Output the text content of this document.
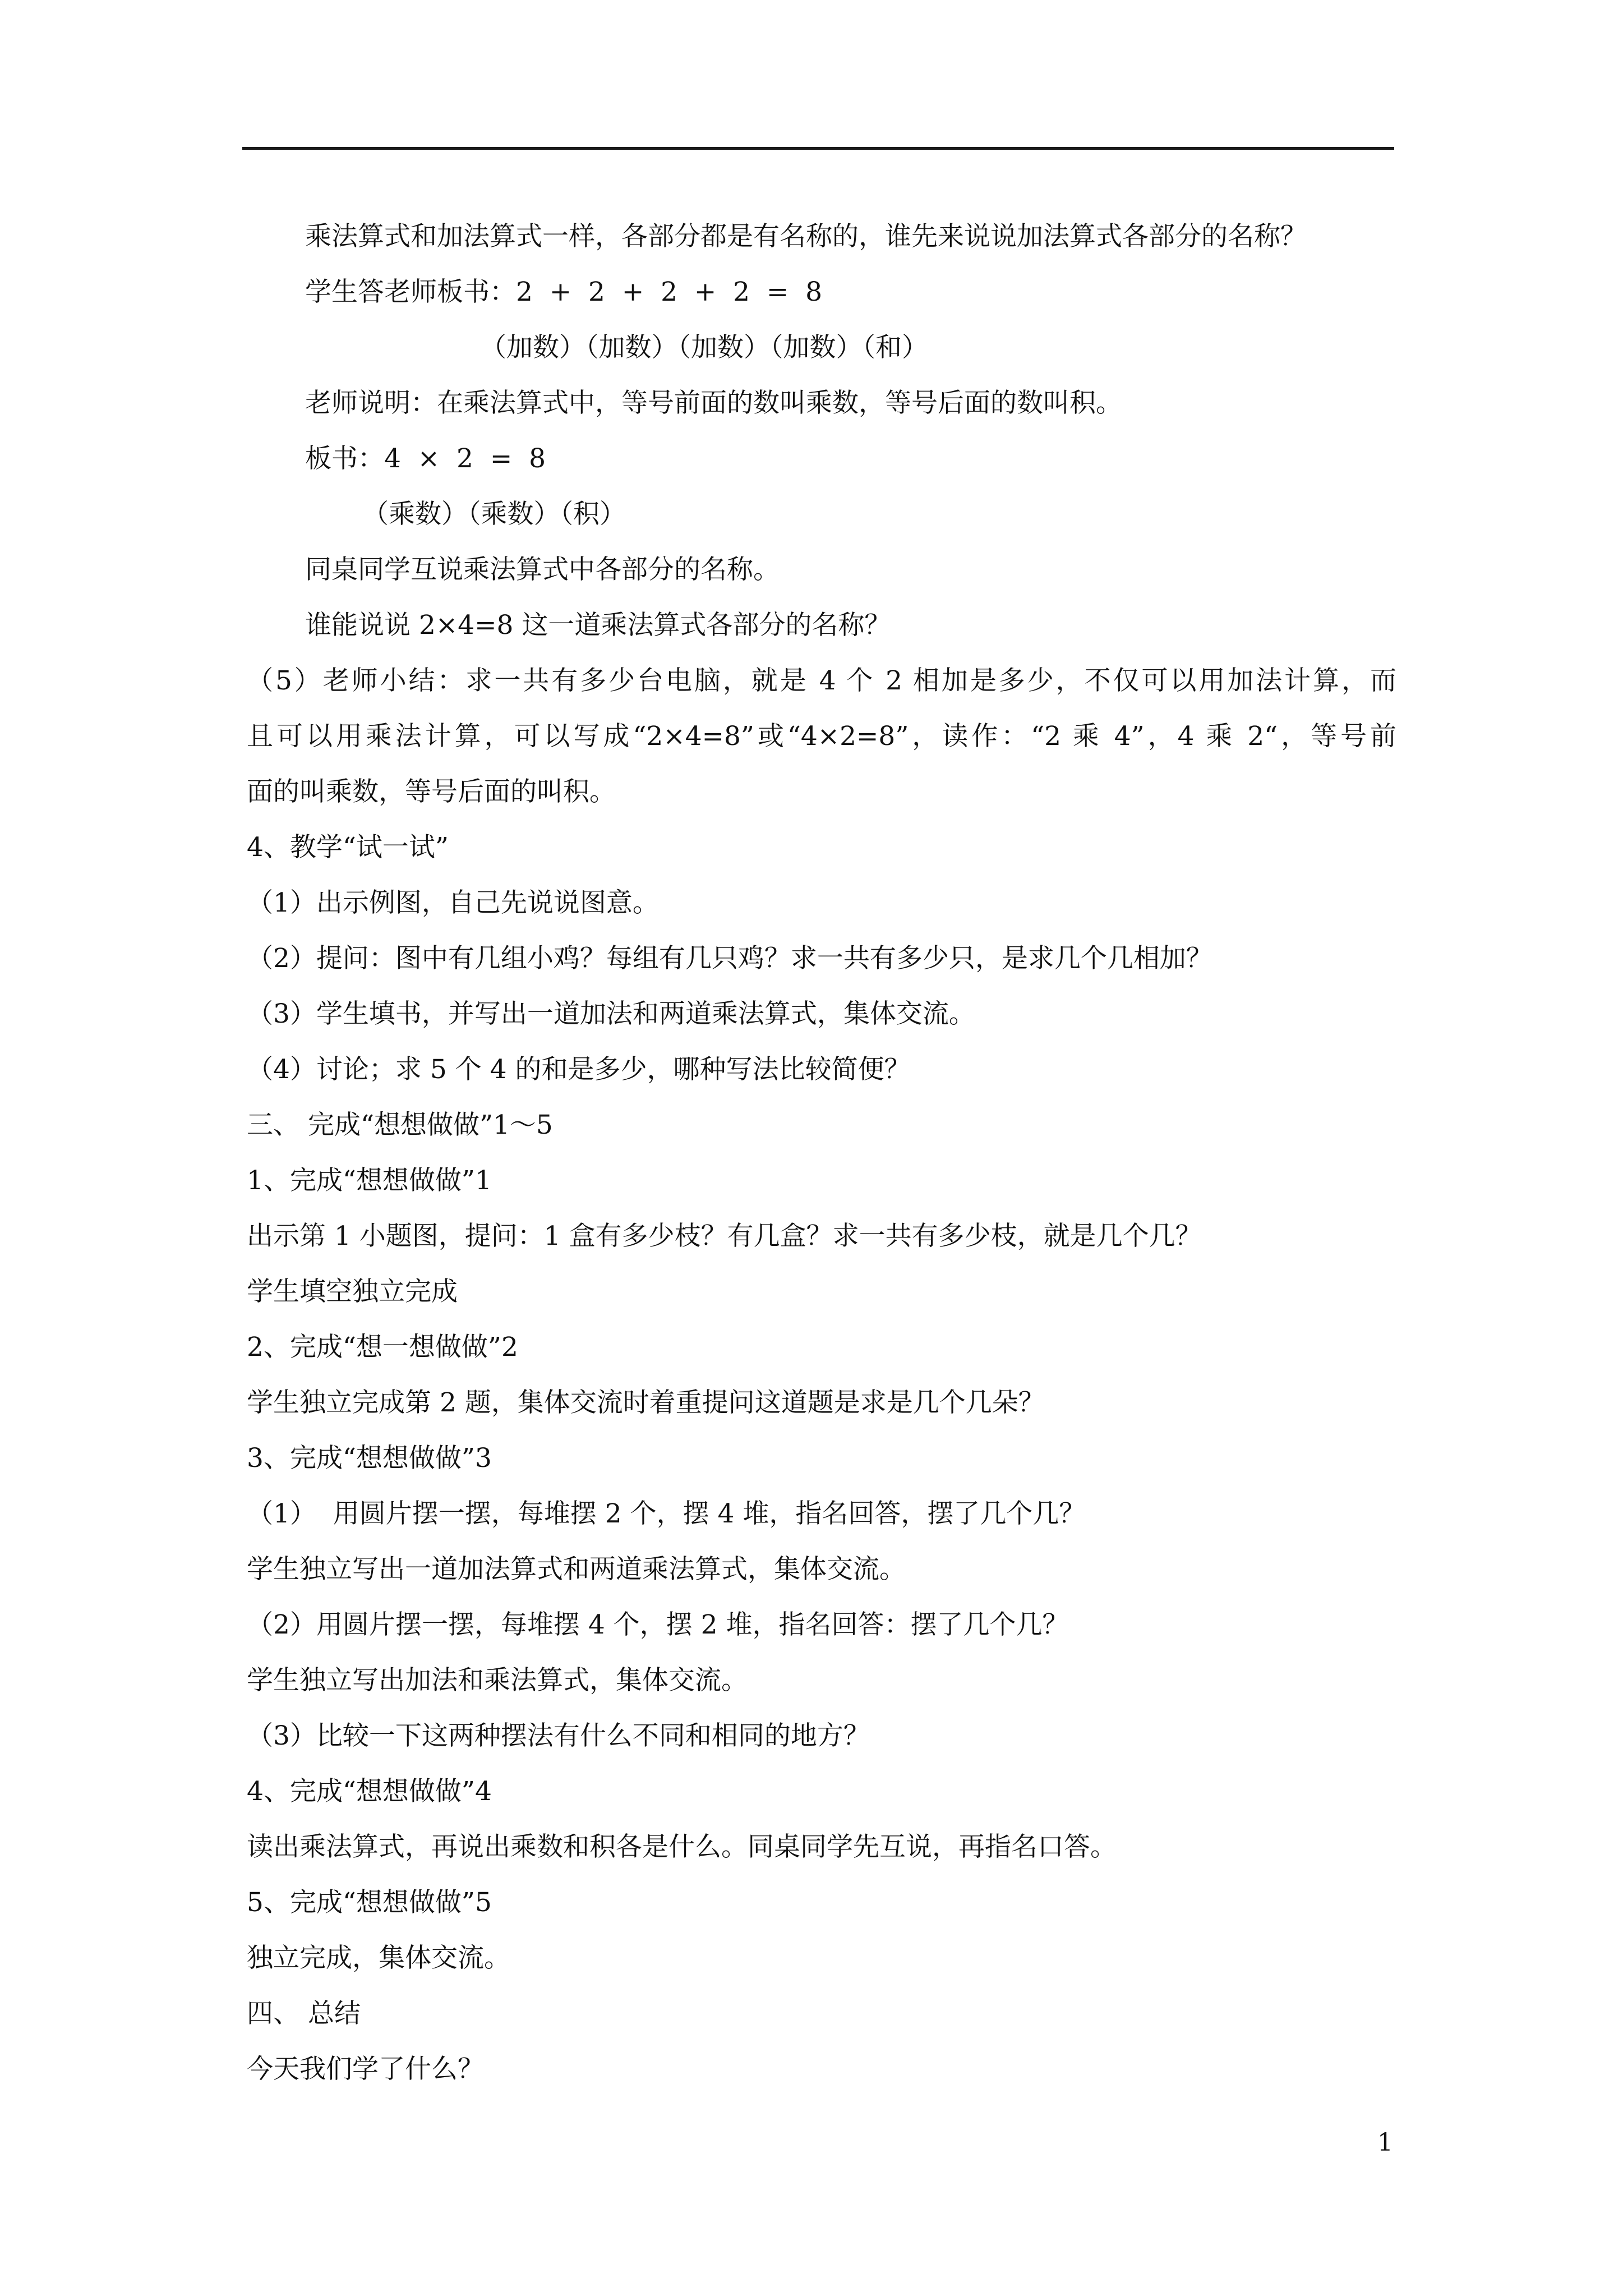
乘法算式和加法算式一样，各部分都是有名称的，谁先来说说加法算式各部分的名称？
学生答老师板书：2  +  2  +  2  +  2  =  8
（加数）（加数）（加数）（加数）（和）
老师说明：在乘法算式中，等号前面的数叫乘数，等号后面的数叫积。
板书：4  ×  2  =  8
（乘数）（乘数）（积）
同桌同学互说乘法算式中各部分的名称。
谁能说说 2×4=8 这一道乘法算式各部分的名称？
（5）老师小结：求一共有多少台电脑，就是 4 个 2 相加是多少，不仅可以用加法计算，而
且可以用乘法计算，可以写成“2×4=8”或“4×2=8”，读作：“2 乘 4”，4 乘 2“，等号前
面的叫乘数，等号后面的叫积。
4、教学“试一试”
（1）出示例图，自己先说说图意。
（2）提问：图中有几组小鸡？每组有几只鸡？求一共有多少只，是求几个几相加？
（3）学生填书，并写出一道加法和两道乘法算式，集体交流。
（4）讨论；求 5 个 4 的和是多少，哪种写法比较简便？
三、 完成“想想做做”1～5
1、完成“想想做做”1
出示第 1 小题图，提问：1 盒有多少枝？有几盒？求一共有多少枝，就是几个几？
学生填空独立完成
2、完成“想一想做做”2
学生独立完成第 2 题，集体交流时着重提问这道题是求是几个几朵？
3、完成“想想做做”3
（1）  用圆片摆一摆，每堆摆 2 个，摆 4 堆，指名回答，摆了几个几？
学生独立写出一道加法算式和两道乘法算式，集体交流。
（2）用圆片摆一摆，每堆摆 4 个，摆 2 堆，指名回答：摆了几个几？
学生独立写出加法和乘法算式，集体交流。
（3）比较一下这两种摆法有什么不同和相同的地方？
4、完成“想想做做”4
读出乘法算式，再说出乘数和积各是什么。同桌同学先互说，再指名口答。
5、完成“想想做做”5
独立完成，集体交流。
四、 总结
今天我们学了什么？
1
